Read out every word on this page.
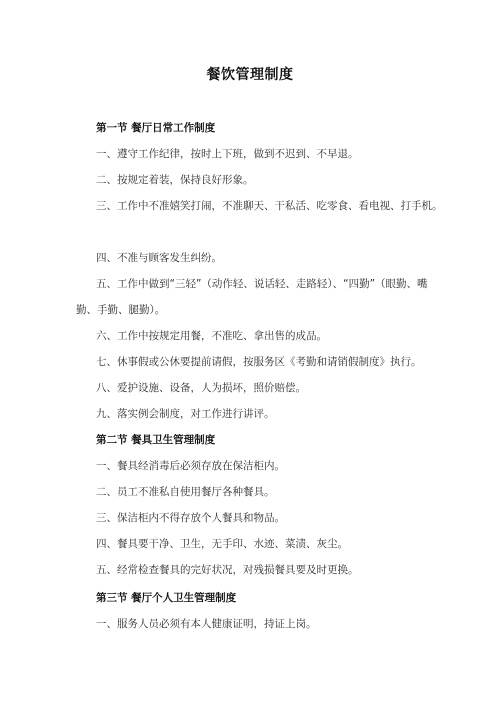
餐饮管理制度
第一节 餐厅日常工作制度
一、遵守工作纪律，按时上下班，做到不迟到、不早退。
二、按规定着装，保持良好形象。
三、工作中不准嬉笑打闹，不准聊天、干私活、吃零食、看电视、打手机。
四、不准与顾客发生纠纷。
五、工作中做到“三轻”（动作轻、说话轻、走路轻）、“四勤”（眼勤、嘴勤、手勤、腿勤）。
六、工作中按规定用餐，不准吃、拿出售的成品。
七、休事假或公休要提前请假，按服务区《考勤和请销假制度》执行。
八、爱护设施、设备，人为损坏，照价赔偿。
九、落实例会制度，对工作进行讲评。
第二节 餐具卫生管理制度
一、餐具经消毒后必须存放在保洁柜内。
二、员工不准私自使用餐厅各种餐具。
三、保洁柜内不得存放个人餐具和物品。
四、餐具要干净、卫生，无手印、水迹、菜渍、灰尘。
五、经常检查餐具的完好状况，对残损餐具要及时更换。
第三节 餐厅个人卫生管理制度
一、服务人员必须有本人健康证明，持证上岗。
